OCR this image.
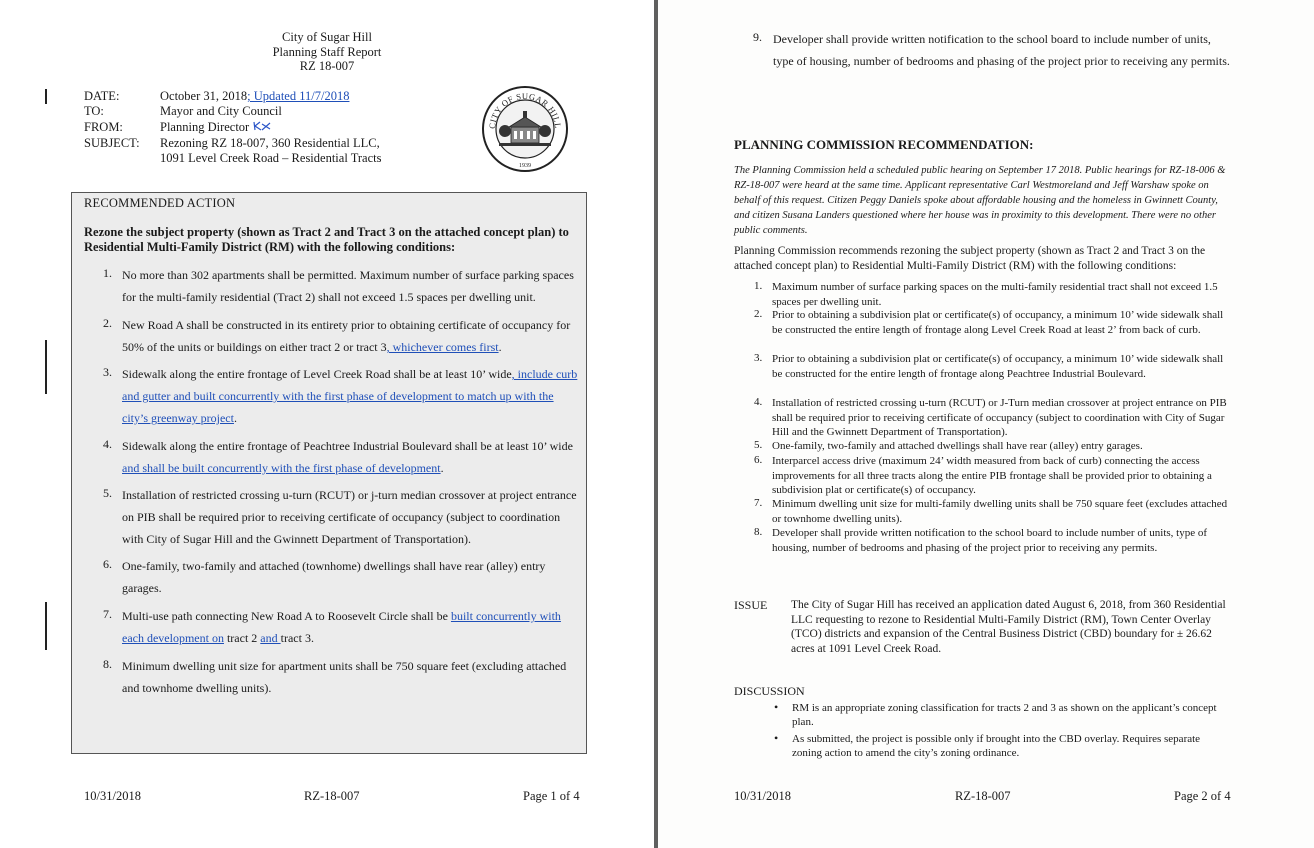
City of Sugar Hill
Planning Staff Report
RZ 18-007
DATE:	October 31, 2018; Updated 11/7/2018
TO:	Mayor and City Council
FROM:	Planning Director
SUBJECT: Rezoning RZ 18-007, 360 Residential LLC,
1091 Level Creek Road – Residential Tracts
CITY OF SUGAR HILL
1939
RECOMMENDED ACTION
Rezone the subject property (shown as Tract 2 and Tract 3 on the attached concept plan) to Residential Multi-Family District (RM) with the following conditions:
1. No more than 302 apartments shall be permitted. Maximum number of surface parking spaces for the multi-family residential (Tract 2) shall not exceed 1.5 spaces per dwelling unit.
2. New Road A shall be constructed in its entirety prior to obtaining certificate of occupancy for 50% of the units or buildings on either tract 2 or tract 3, whichever comes first.
3. Sidewalk along the entire frontage of Level Creek Road shall be at least 10’ wide, include curb and gutter and built concurrently with the first phase of development to match up with the city’s greenway project.
4. Sidewalk along the entire frontage of Peachtree Industrial Boulevard shall be at least 10’ wide and shall be built concurrently with the first phase of development.
5. Installation of restricted crossing u-turn (RCUT) or j-turn median crossover at project entrance on PIB shall be required prior to receiving certificate of occupancy (subject to coordination with City of Sugar Hill and the Gwinnett Department of Transportation).
6. One-family, two-family and attached (townhome) dwellings shall have rear (alley) entry garages.
7. Multi-use path connecting New Road A to Roosevelt Circle shall be built concurrently with each development on tract 2 and tract 3.
8. Minimum dwelling unit size for apartment units shall be 750 square feet (excluding attached and townhome dwelling units).
10/31/2018	RZ-18-007	Page 1 of 4
9. Developer shall provide written notification to the school board to include number of units, type of housing, number of bedrooms and phasing of the project prior to receiving any permits.
PLANNING COMMISSION RECOMMENDATION:
The Planning Commission held a scheduled public hearing on September 17 2018. Public hearings for RZ-18-006 & RZ-18-007 were heard at the same time. Applicant representative Carl Westmoreland and Jeff Warshaw spoke on behalf of this request. Citizen Peggy Daniels spoke about affordable housing and the homeless in Gwinnett County, and citizen Susana Landers questioned where her house was in proximity to this development. There were no other public comments.
Planning Commission recommends rezoning the subject property (shown as Tract 2 and Tract 3 on the attached concept plan) to Residential Multi-Family District (RM) with the following conditions:
1. Maximum number of surface parking spaces on the multi-family residential tract shall not exceed 1.5 spaces per dwelling unit.
2. Prior to obtaining a subdivision plat or certificate(s) of occupancy, a minimum 10’ wide sidewalk shall be constructed the entire length of frontage along Level Creek Road at least 2’ from back of curb.
3. Prior to obtaining a subdivision plat or certificate(s) of occupancy, a minimum 10’ wide sidewalk shall be constructed for the entire length of frontage along Peachtree Industrial Boulevard.
4. Installation of restricted crossing u-turn (RCUT) or J-Turn median crossover at project entrance on PIB shall be required prior to receiving certificate of occupancy (subject to coordination with City of Sugar Hill and the Gwinnett Department of Transportation).
5. One-family, two-family and attached dwellings shall have rear (alley) entry garages.
6. Interparcel access drive (maximum 24’ width measured from back of curb) connecting the access improvements for all three tracts along the entire PIB frontage shall be provided prior to obtaining a subdivision plat or certificate(s) of occupancy.
7. Minimum dwelling unit size for multi-family dwelling units shall be 750 square feet (excludes attached or townhome dwelling units).
8. Developer shall provide written notification to the school board to include number of units, type of housing, number of bedrooms and phasing of the project prior to receiving any permits.
ISSUE The City of Sugar Hill has received an application dated August 6, 2018, from 360 Residential LLC requesting to rezone to Residential Multi-Family District (RM), Town Center Overlay (TCO) districts and expansion of the Central Business District (CBD) boundary for ± 26.62 acres at 1091 Level Creek Road.
DISCUSSION
• RM is an appropriate zoning classification for tracts 2 and 3 as shown on the applicant’s concept plan.
• As submitted, the project is possible only if brought into the CBD overlay. Requires separate zoning action to amend the city’s zoning ordinance.
10/31/2018	RZ-18-007	Page 2 of 4
